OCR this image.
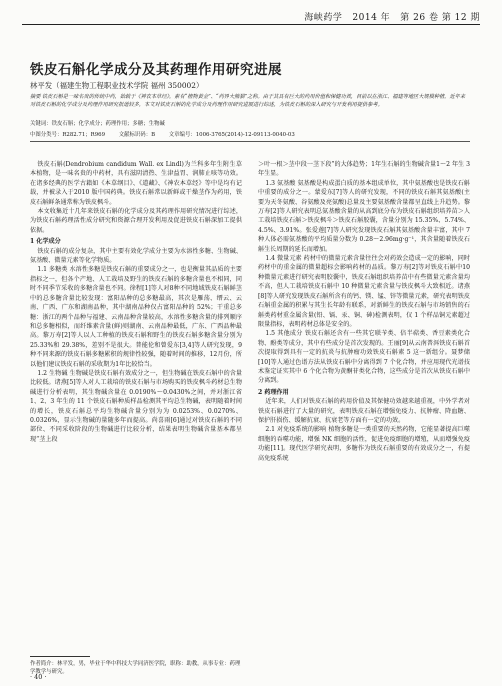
海峡药学 2014 年 第 26 卷 第 12 期
铁皮石斛化学成分及其药理作用研究进展
林平发（福建生物工程职业技术学院 福州 350002）
摘要 铁皮石斛是一味名贵的传统中药，始载于《神农本草经》，素有“植物黄金”、“药界大熊猫”之称。由于其具有巨大的药用价值和保健功效，目前以在浙江、福建等地区大规模种植。近年来对铁皮石斛的化学成分及药理作用研究报道较多，本文对铁皮石斛的化学成分及药理作用研究进展进行综述，为铁皮石斛的深入研究与开发利用提供参考。
关键词：铁皮石斛；化学成分；药理作用；多糖；生物碱
中图分类号：R282.71；R969	文献标识码：B	文章编号：1006-3765(2014)-12-09113-0040-03

铁皮石斛(Dendrobium candidum Wall. ex Lindl)为兰科多年生附生草本植物，是一味名贵的中药材，具有滋阴清热、生津益胃、润肺止咳等功效。在诸多经典的医学古籍如《本草纲目》、《道藏》、《神农本草经》等中是均有记载，并被录入于2010 版中国药典。铁皮石斛常以新鲜或干燥茎作为药用，铁皮石斛鲜条通常称为铁皮枫斗。

本文收集近十几年来铁皮石斛的化学成分及其药理作用研究情况进行综述，为铁皮石斛药理活性成分研究和资源合理开发利用及促进铁皮石斛深加工提供依据。

1 化学成分

铁皮石斛的成分复杂，其中主要有效化学成分主要为水溶性多糖、生物碱、氨基酸、微量元素等化学物质。

1.1 多糖类 水溶性多糖是铁皮石斛的重要成分之一，也是衡量其品质的主要指标之一，但各个产地、人工栽培及野生的铁皮石斛的多糖含量也不相同，同时不同季节采收的多糖含量也不同。徐程[1]等人对8种不同地域铁皮石斛鲜茎中的总多糖含量比较发现：富阳品种的总多糖最高，其次是雁荡、缙云、云南、广西、广东和湖南品种，其中湖南品种仅占富阳品种的 52%；干重总多糖：浙江的两个品种与福建、云南品种含量较高，水溶性多糖含量的排列顺序和总多糖相似，而纤维素含量(鲜)则湖南、云南品种最低，广东、广西品种最高。黎万寿[2]等人以人工种植的铁皮石斛和野生的铁皮石斛多糖含量分别为 25.33%和 29.38%，差别不是很大。普能伦和曾爱东[3,4]等人研究发现，9种不同来源的铁皮石斛多糖累积的规律性较强，随着时间的推移，12月份，所以他们建议铁皮石斛的采收期为1年比较恰当。

1.2 生物碱 生物碱是铁皮石斛有效成分之一，但生物碱在铁皮石斛中的含量比较低。诸燕[5]等人对人工栽培的铁皮石斛与市场购买的铁皮枫斗药材总生物碱进行分析表明，其生物碱含量在 0.0190%～0.0430%之间，并对浙江省 1、2、3 年生的 11 个铁皮石斛种质样品检测其平均总生物碱，表明随着时间的增长，铁皮石斛总平均生物碱含量分别为为 0.0253%、0.0270%、0.0326%，显示生物碱的量随多年而提高。尚喜雨[6]通过对铁皮石斛的不同部位、不同采收阶段的生物碱进行比较分析，结果表明生物碱含量基本都呈现“茎上段

＞叶一根＞茎中段一茎下段”的大体趋势；1年生石斛的生物碱含量1～2 年生 3 年生显。

1.3 氨基酸 氨基酸是构成蛋白质的基本组成单位，其中氨基酸也是铁皮石斛中重要的成分之一。蒙爱东[7]等人的研究发现，不同的铁皮石斛其氨基酸(主要为天冬氨酸、谷氨酸及亮氨酸)总量及主要氨基酸含量都呈直线上升趋势。黎万寿[2]等人研究表明总氨基酸含量的从高到底分布为铁皮石斛组织培养苗＞人工栽培铁皮石斛＞铁皮枫斗＞铁皮石斛胶囊，含量分别为 15.35%、5.74%、4.5%、3.91%。张爱莲[7]等人研究发现铁皮石斛其氨基酸含量丰富，其中 7 种人体必需氨基酸的平均质量分数为 0.28～2.96mg·g⁻¹，其含量随着铁皮石斛生长周期的延长而增加。

1.4 微量元素 药材中的微量元素含量往往会对药效会造成一定的影响，同时药材中的重金属的微量超标会影响药材的品质。黎万寿[2]等对铁皮石斛中10 种微量元素进行研究表明胶囊中，铁皮石斛组织培养苗中有些微量元素含量均不高，但人工栽培铁皮石斛中 10 种微量元素含量与铁皮枫斗大致相近。诸燕[8]等人研究发现铁皮石斛所含有的钙、镁、锰、锌等微量元素，研究表明铁皮石斛重金属的积累与其生长年龄有联系，对新鲜生的铁皮石斛与市场销售的石斛类药材重金属含量(铅、镉、汞、铜、砷)检测表明，仅 1 个样品铜元素超过限量指标，表明药材总体是安全的。

1.5 其他成分 铁皮石斛还含有一些其它联苄类、倍半萜类、香豆素类化合物、酚类等成分，其中有些成分是首次发现的。王丽[9]从云南普洱铁皮石斛首次提取得到具有一定的抗炎与抗肿瘤功效铁皮石斛素 5 这一新组分。聂梦储[10]等人通过色谱方法从铁皮石斛中分离得到 7 个化合物，并应用现代光谱技术鉴定证实其中 6 个化合物为黄酮苷类化合物，这些成分是首次从铁皮石斛中分离到。

2 药理作用

近年来，人们对铁皮石斛的药用价值及其保健功效越来越重视，中外学者对铁皮石斛进行了大量的研究，表明铁皮石斛在增强免疫力、抗肿瘤、降血糖、保护肝损伤、缓解抗衰、抗衰老等方面有一定的功效。

2.1 对免疫系统的影响 植物多糖是一类重要的天然药物，它能显著提高巨噬细胞的吞噬功能，增强 NK 细胞的活性，促进免疫细胞的增殖，从而增强免疫功能[11]。现代医学研究表明，多糖作为铁皮石斛重要的有效成分之一，有提高免疫系统

作者简介：林平发，男，毕业于华中科技大学同济医学院，职称：助教，从事专业：药理学教学与研究。
· 40 ·
